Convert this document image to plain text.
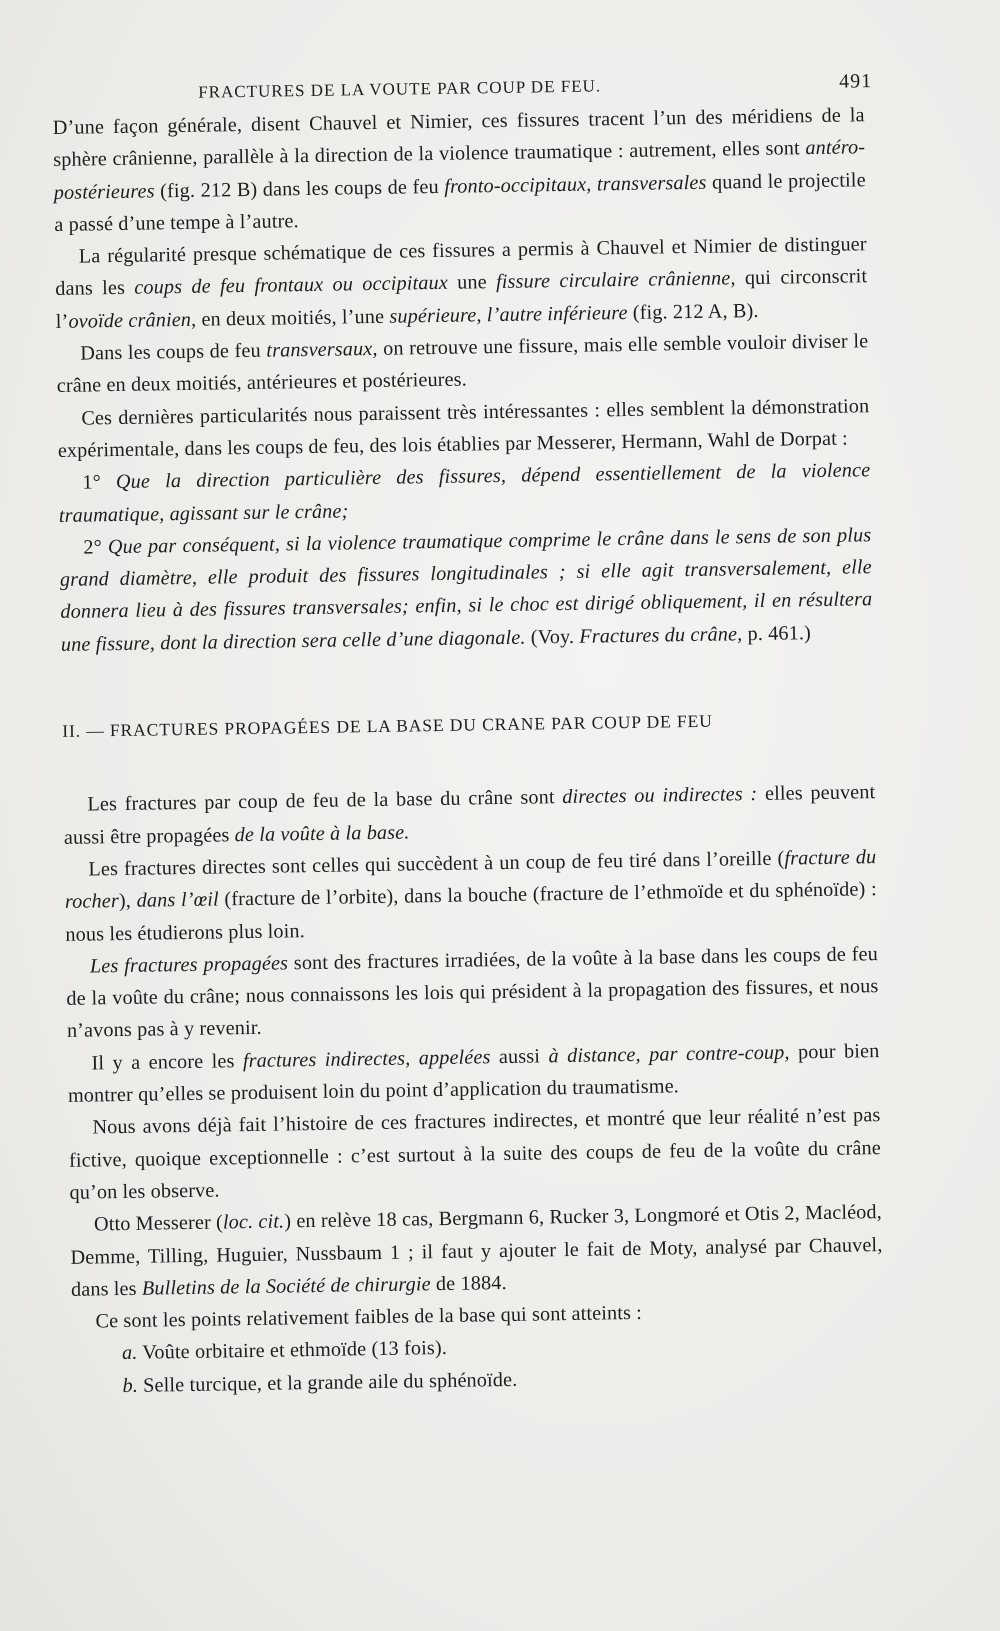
FRACTURES DE LA VOUTE PAR COUP DE FEU.	491

D’une façon générale, disent Chauvel et Nimier, ces fissures tracent l’un des méridiens de la sphère crânienne, parallèle à la direction de la violence traumatique : autrement, elles sont antéro-postérieures (fig. 212 B) dans les coups de feu fronto-occipitaux, transversales quand le projectile a passé d’une tempe à l’autre.

La régularité presque schématique de ces fissures a permis à Chauvel et Nimier de distinguer dans les coups de feu frontaux ou occipitaux une fissure circulaire crânienne, qui circonscrit l’ovoïde crânien, en deux moitiés, l’une supérieure, l’autre inférieure (fig. 212 A, B).

Dans les coups de feu transversaux, on retrouve une fissure, mais elle semble vouloir diviser le crâne en deux moitiés, antérieures et postérieures.

Ces dernières particularités nous paraissent très intéressantes : elles semblent la démonstration expérimentale, dans les coups de feu, des lois établies par Messerer, Hermann, Wahl de Dorpat :

1° Que la direction particulière des fissures, dépend essentiellement de la violence traumatique, agissant sur le crâne;

2° Que par conséquent, si la violence traumatique comprime le crâne dans le sens de son plus grand diamètre, elle produit des fissures longitudinales ; si elle agit transversalement, elle donnera lieu à des fissures transversales; enfin, si le choc est dirigé obliquement, il en résultera une fissure, dont la direction sera celle d’une diagonale. (Voy. Fractures du crâne, p. 461.)

II. — FRACTURES PROPAGÉES DE LA BASE DU CRANE PAR COUP DE FEU

Les fractures par coup de feu de la base du crâne sont directes ou indirectes : elles peuvent aussi être propagées de la voûte à la base.

Les fractures directes sont celles qui succèdent à un coup de feu tiré dans l’oreille (fracture du rocher), dans l’œil (fracture de l’orbite), dans la bouche (fracture de l’ethmoïde et du sphénoïde) : nous les étudierons plus loin.

Les fractures propagées sont des fractures irradiées, de la voûte à la base dans les coups de feu de la voûte du crâne; nous connaissons les lois qui président à la propagation des fissures, et nous n’avons pas à y revenir.

Il y a encore les fractures indirectes, appelées aussi à distance, par contre-coup, pour bien montrer qu’elles se produisent loin du point d’application du traumatisme.

Nous avons déjà fait l’histoire de ces fractures indirectes, et montré que leur réalité n’est pas fictive, quoique exceptionnelle : c’est surtout à la suite des coups de feu de la voûte du crâne qu’on les observe.

Otto Messerer (loc. cit.) en relève 18 cas, Bergmann 6, Rucker 3, Longmoré et Otis 2, Macléod, Demme, Tilling, Huguier, Nussbaum 1 ; il faut y ajouter le fait de Moty, analysé par Chauvel, dans les Bulletins de la Société de chirurgie de 1884.

Ce sont les points relativement faibles de la base qui sont atteints :

a. Voûte orbitaire et ethmoïde (13 fois).

b. Selle turcique, et la grande aile du sphénoïde.
